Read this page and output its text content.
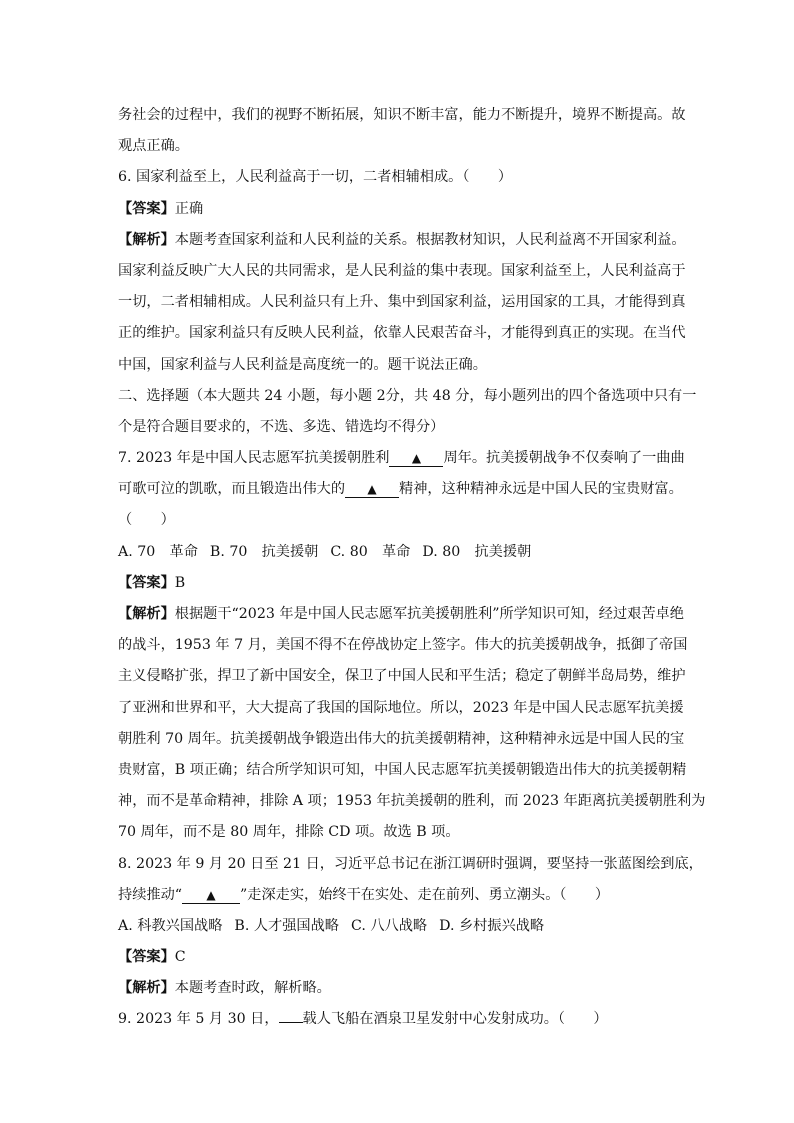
务社会的过程中，我们的视野不断拓展，知识不断丰富，能力不断提升，境界不断提高。故
观点正确。
6. 国家利益至上，人民利益高于一切，二者相辅相成。（　　）
【答案】正确
【解析】本题考查国家利益和人民利益的关系。根据教材知识，人民利益离不开国家利益。
国家利益反映广大人民的共同需求，是人民利益的集中表现。国家利益至上，人民利益高于
一切，二者相辅相成。人民利益只有上升、集中到国家利益，运用国家的工具，才能得到真
正的维护。国家利益只有反映人民利益，依靠人民艰苦奋斗，才能得到真正的实现。在当代
中国，国家利益与人民利益是高度统一的。题干说法正确。
二、选择题（本大题共 24 小题，每小题 2分，共 48 分，每小题列出的四个备选项中只有一
个是符合题目要求的，不选、多选、错选均不得分）
7. 2023 年是中国人民志愿军抗美援朝胜利 ▲ 周年。抗美援朝战争不仅奏响了一曲曲
可歌可泣的凯歌，而且锻造出伟大的 ▲ 精神，这种精神永远是中国人民的宝贵财富。
（　　）
A. 70　革命 B. 70　抗美援朝 C. 80　革命 D. 80　抗美援朝
【答案】B
【解析】根据题干“2023 年是中国人民志愿军抗美援朝胜利”所学知识可知，经过艰苦卓绝
的战斗，1953 年 7 月，美国不得不在停战协定上签字。伟大的抗美援朝战争，抵御了帝国
主义侵略扩张，捍卫了新中国安全，保卫了中国人民和平生活；稳定了朝鲜半岛局势，维护
了亚洲和世界和平，大大提高了我国的国际地位。所以，2023 年是中国人民志愿军抗美援
朝胜利 70 周年。抗美援朝战争锻造出伟大的抗美援朝精神，这种精神永远是中国人民的宝
贵财富，B 项正确；结合所学知识可知，中国人民志愿军抗美援朝锻造出伟大的抗美援朝精
神，而不是革命精神，排除 A 项；1953 年抗美援朝的胜利，而 2023 年距离抗美援朝胜利为
70 周年，而不是 80 周年，排除 CD 项。故选 B 项。
8. 2023 年 9 月 20 日至 21 日，习近平总书记在浙江调研时强调，要坚持一张蓝图绘到底，
持续推动“ ▲ ”走深走实，始终干在实处、走在前列、勇立潮头。（　　）
A. 科教兴国战略 B. 人才强国战略 C. 八八战略 D. 乡村振兴战略
【答案】C
【解析】本题考查时政，解析略。
9. 2023 年 5 月 30 日， 载人飞船在酒泉卫星发射中心发射成功。（　　）
